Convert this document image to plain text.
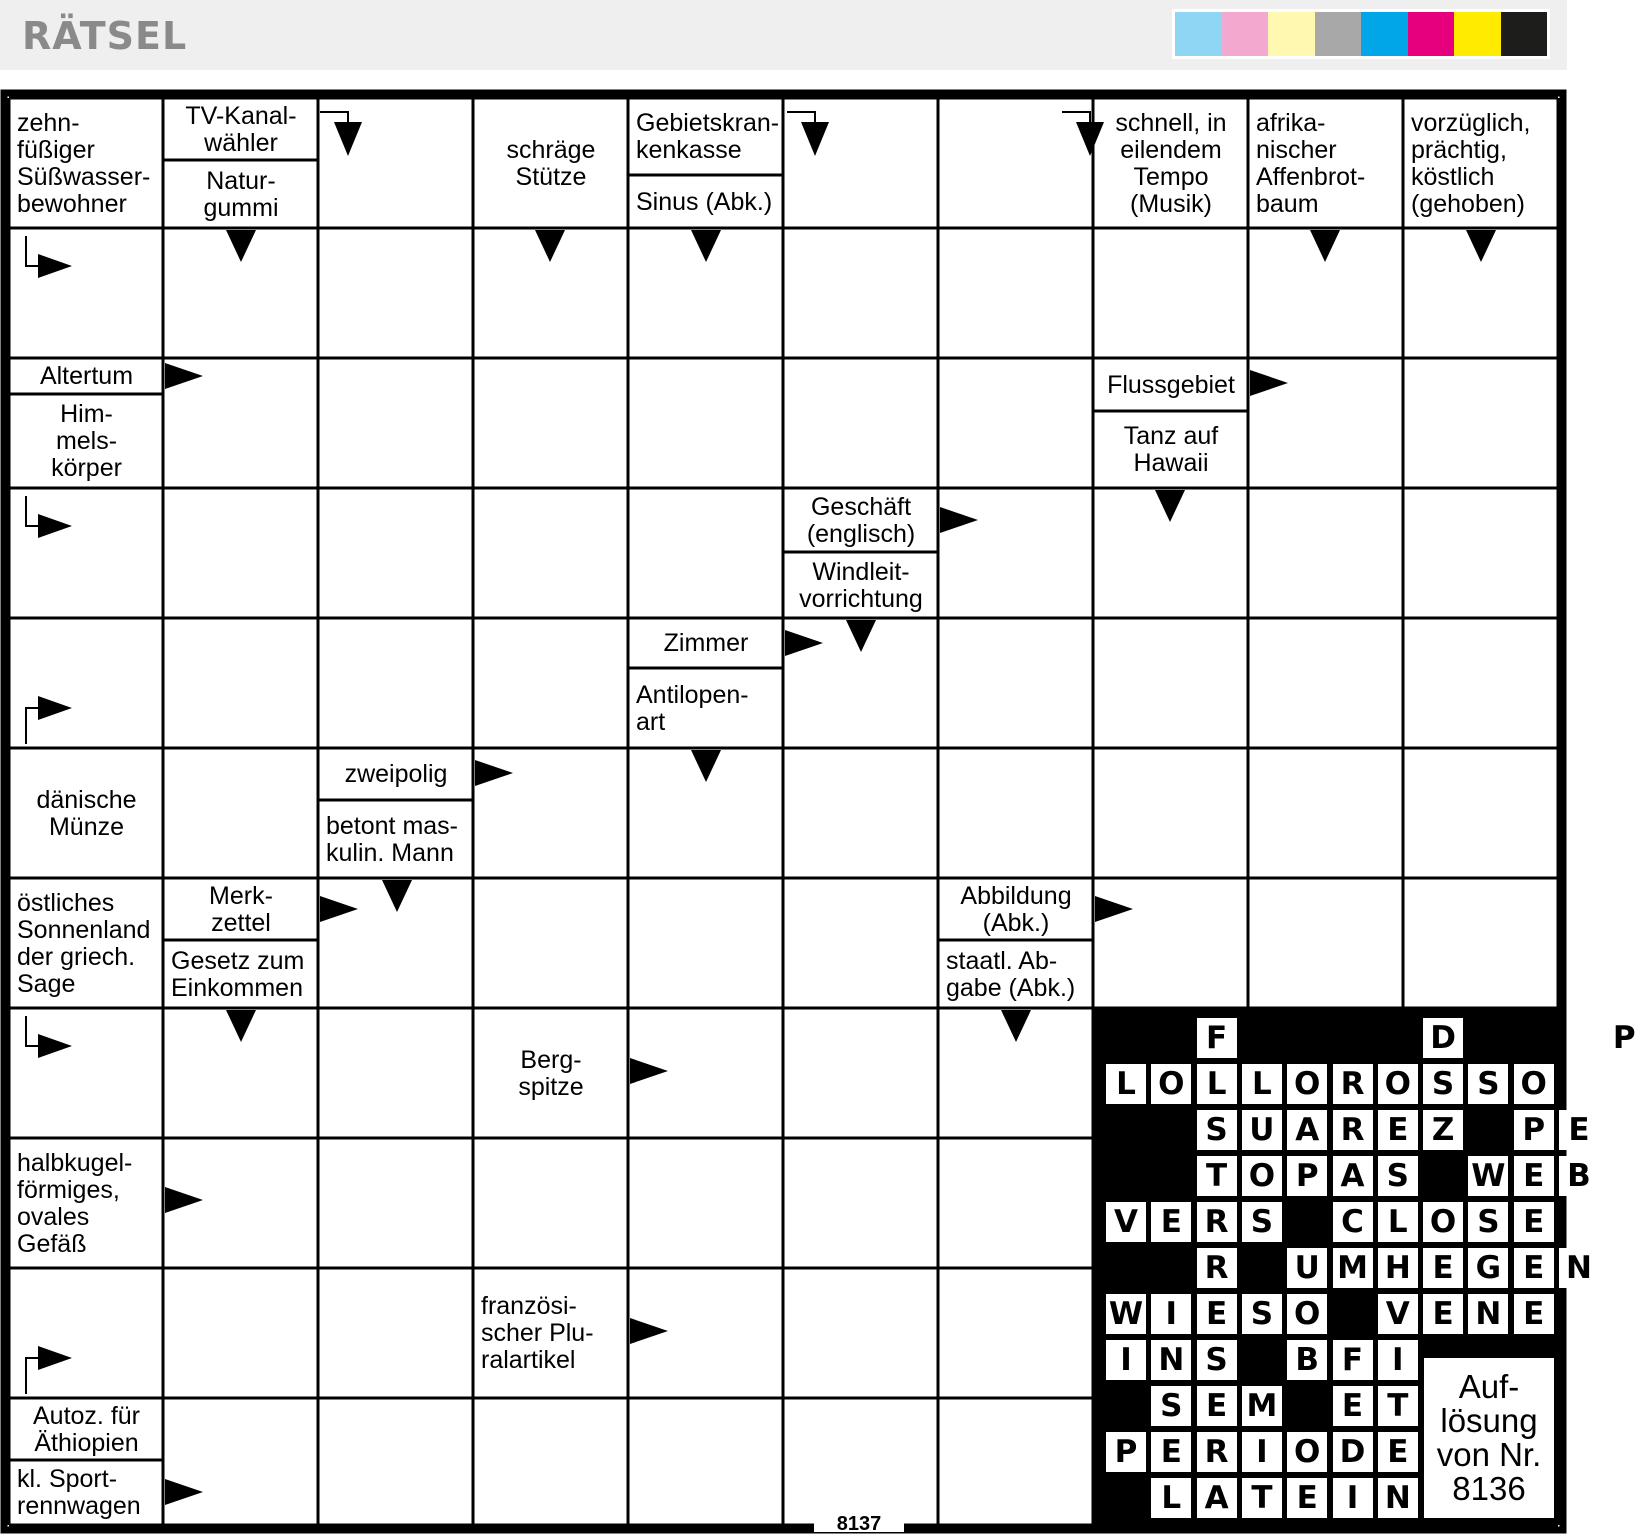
RÄTSEL
zehn-
füßiger
Süßwasser-
bewohner
TV-Kanal-
wähler
Natur-
gummi
schräge
Stütze
Gebietskran-
kenkasse
Sinus (Abk.)
schnell, in
eilendem
Tempo
(Musik)
afrika-
nischer
Affenbrot-
baum
vorzüglich,
prächtig,
köstlich
(gehoben)
Altertum
Him-
mels-
körper
Flussgebiet
Tanz auf
Hawaii
Geschäft
(englisch)
Windleit-
vorrichtung
Zimmer
Antilopen-
art
zweipolig
betont mas-
kulin. Mann
dänische
Münze
östliches
Sonnenland
der griech.
Sage
Merk-
zettel
Gesetz zum
Einkommen
Abbildung
(Abk.)
staatl. Ab-
gabe (Abk.)
Berg-
spitze
halbkugel-
förmiges,
ovales
Gefäß
französi-
scher Plu-
ralartikel
Autoz. für
Äthiopien
kl. Sport-
rennwagen
F	D	P
L O L L O R O S S O
S U A R E Z P E
T O P A S W E B
V E R S C L O S E
R U M H E G E N
W I E S O V E N E
I N S B F I
S E M	E T
P E R I O D E
L A T E I N
Auf-
lösung
von Nr.
8136
8137
